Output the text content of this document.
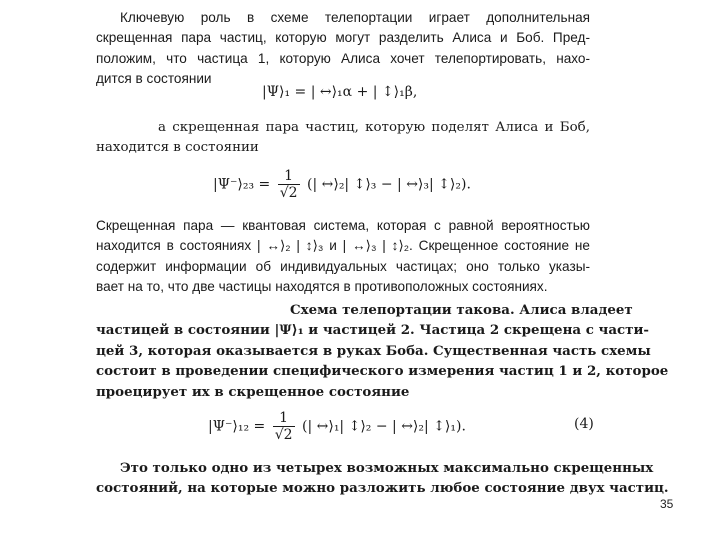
Ключевую роль в схеме телепортации играет дополнительная
скрещенная пара частиц, которую могут разделить Алиса и Боб. Пред-
положим, что частица 1, которую Алиса хочет телепортировать, нахо-
дится в состоянии
|Ψ⟩₁ = | ↔⟩₁α + | ↕⟩₁β,
а скрещенная пара частиц, которую поделят Алиса и Боб,
находится в состоянии
|Ψ⁻⟩₂₃ = $\frac{1}{√2}$ (| ↔⟩₂| ↕⟩₃ − | ↔⟩₃| ↕⟩₂).
Скрещенная пара — квантовая система, которая с равной вероятностью
находится в состояниях | ↔⟩₂ | ↕⟩₃ и | ↔⟩₃ | ↕⟩₂. Скрещенное состояние не
содержит информации об индивидуальных частицах; оно только указы-
вает на то, что две частицы находятся в противоположных состояниях.
Схема телепортации такова. Алиса владеет
частицей в состоянии |Ψ⟩₁ и частицей 2. Частица 2 скрещена с части-
цей 3, которая оказывается в руках Боба. Существенная часть схемы
состоит в проведении специфического измерения частиц 1 и 2, которое
проецирует их в скрещенное состояние
|Ψ⁻⟩₁₂ = $\frac{1}{√2}$ (| ↔⟩₁| ↕⟩₂ − | ↔⟩₂| ↕⟩₁).	(4)
Это только одно из четырех возможных максимально скрещенных
состояний, на которые можно разложить любое состояние двух частиц.
35
